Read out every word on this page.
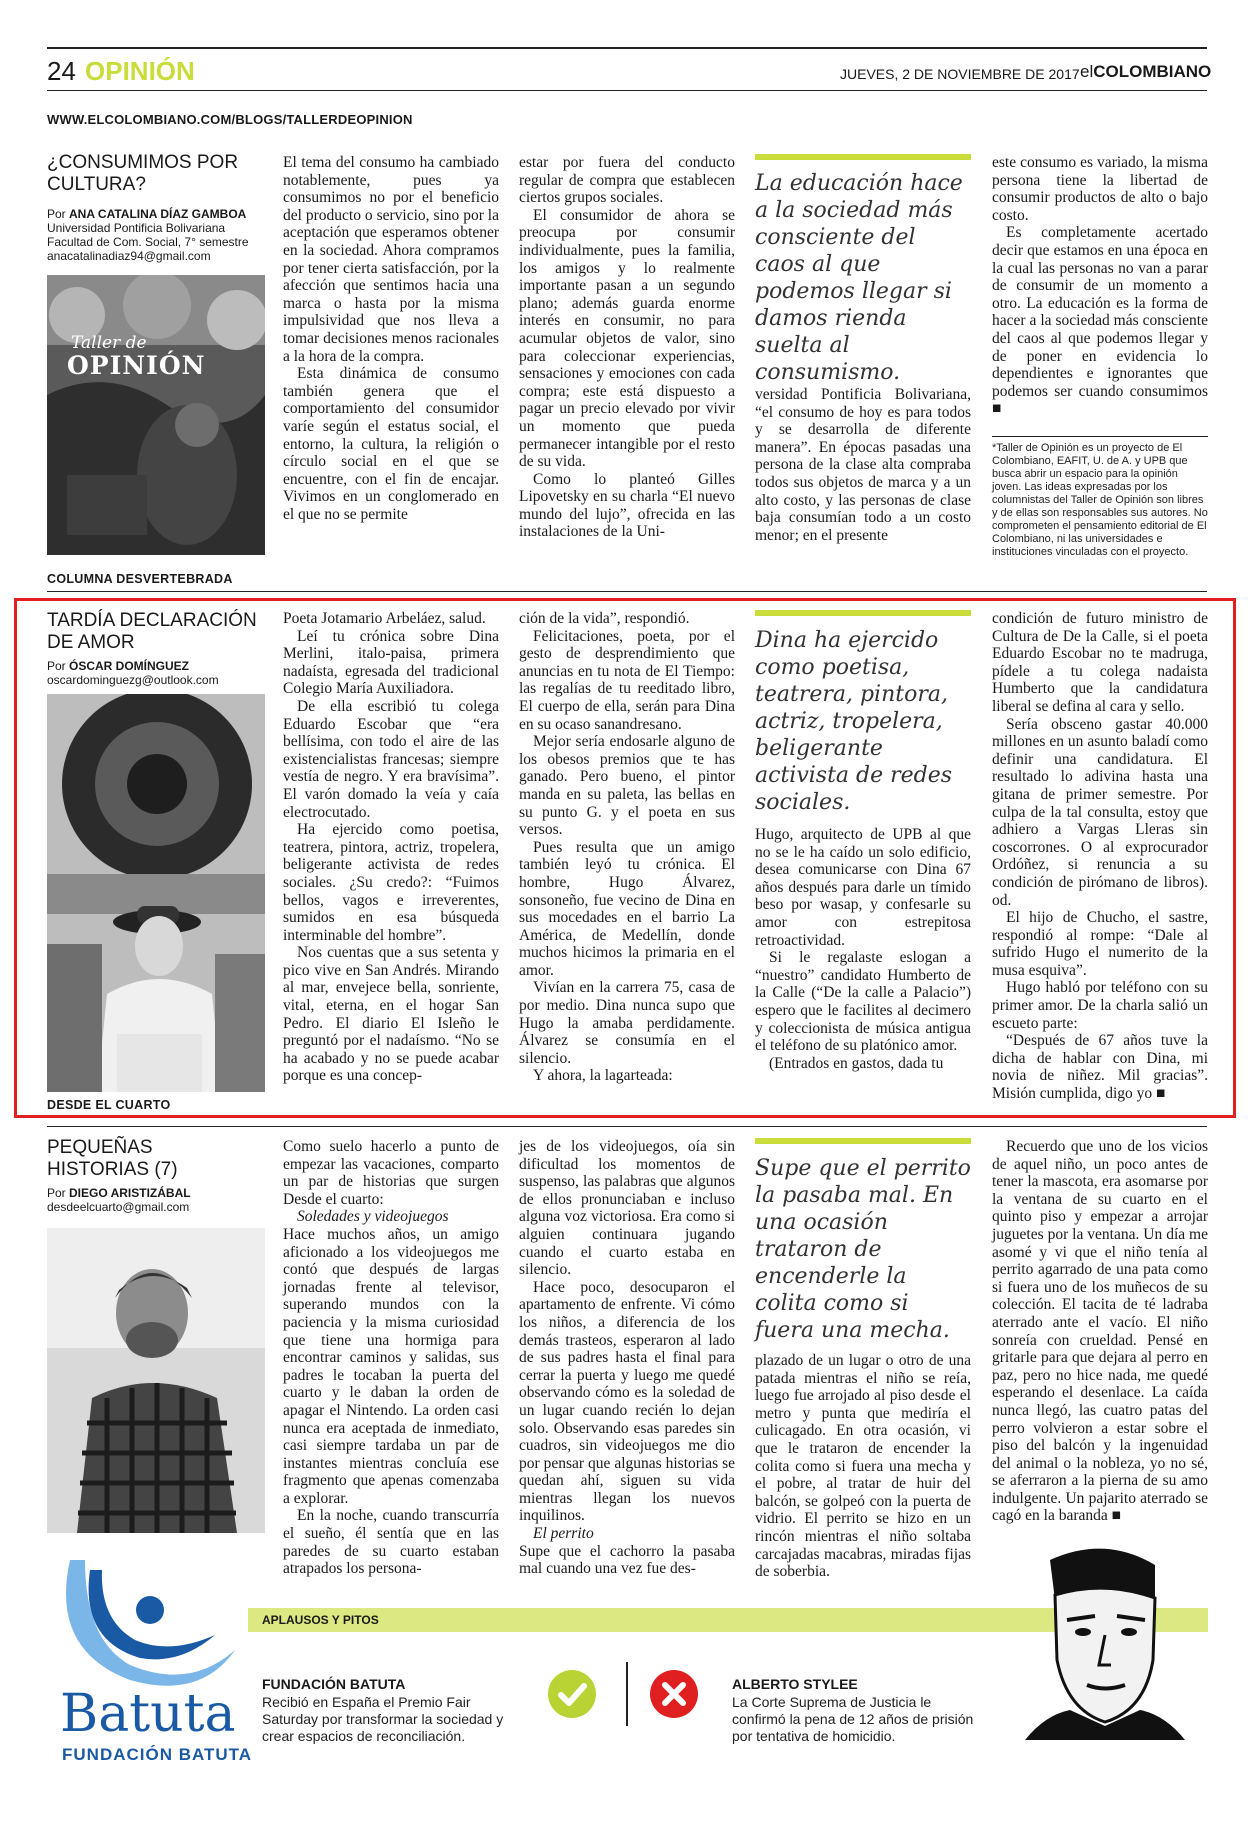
24 OPINIÓN	JUEVES, 2 DE NOVIEMBRE DE 2017 elCOLOMBIANO
WWW.ELCOLOMBIANO.COM/BLOGS/TALLERDEOPINION
¿CONSUMIMOS POR CULTURA?
Por ANA CATALINA DÍAZ GAMBOA
Universidad Pontificia Bolivariana
Facultad de Com. Social, 7° semestre
anacatalinadiaz94@gmail.com
Taller de
OPINIÓN

El tema del consumo ha cambiado notablemente, pues ya consumimos no por el beneficio del producto o servicio, sino por la aceptación que esperamos obtener en la sociedad. Ahora compramos por tener cierta satisfacción, por la afección que sentimos hacia una marca o hasta por la misma impulsividad que nos lleva a tomar decisiones menos racionales a la hora de la compra.

Esta dinámica de consumo también genera que el comportamiento del consumidor varíe según el estatus social, el entorno, la cultura, la religión o círculo social en el que se encuentre, con el fin de encajar. Vivimos en un conglomerado en el que no se permite

estar por fuera del conducto regular de compra que establecen ciertos grupos sociales.

El consumidor de ahora se preocupa por consumir individualmente, pues la familia, los amigos y lo realmente importante pasan a un segundo plano; además guarda enorme interés en consumir, no para acumular objetos de valor, sino para coleccionar experiencias, sensaciones y emociones con cada compra; este está dispuesto a pagar un precio elevado por vivir un momento que pueda permanecer intangible por el resto de su vida.

Como lo planteó Gilles Lipovetsky en su charla “El nuevo mundo del lujo”, ofrecida en las instalaciones de la Uni-

La educación hace a la sociedad más consciente del caos al que podemos llegar si damos rienda suelta al consumismo.

versidad Pontificia Bolivariana, “el consumo de hoy es para todos y se desarrolla de diferente manera”. En épocas pasadas una persona de la clase alta compraba todos sus objetos de marca y a un alto costo, y las personas de clase baja consumían todo a un costo menor; en el presente

este consumo es variado, la misma persona tiene la libertad de consumir productos de alto o bajo costo.

Es completamente acertado decir que estamos en una época en la cual las personas no van a parar de consumir de un momento a otro. La educación es la forma de hacer a la sociedad más consciente del caos al que podemos llegar y de poner en evidencia lo dependientes e ignorantes que podemos ser cuando consumimos ■

*Taller de Opinión es un proyecto de El Colombiano, EAFIT, U. de A. y UPB que busca abrir un espacio para la opinión joven. Las ideas expresadas por los columnistas del Taller de Opinión son libres y de ellas son responsables sus autores. No comprometen el pensamiento editorial de El Colombiano, ni las universidades e instituciones vinculadas con el proyecto.
COLUMNA DESVERTEBRADA
TARDÍA DECLARACIÓN DE AMOR
Por ÓSCAR DOMÍNGUEZ
oscardominguezg@outlook.com

Poeta Jotamario Arbeláez, salud.

Leí tu crónica sobre Dina Merlini, italo-paisa, primera nadaísta, egresada del tradicional Colegio María Auxiliadora.

De ella escribió tu colega Eduardo Escobar que “era bellísima, con todo el aire de las existencialistas francesas; siempre vestía de negro. Y era bravísima”. El varón domado la veía y caía electrocutado.

Ha ejercido como poetisa, teatrera, pintora, actriz, tropelera, beligerante activista de redes sociales. ¿Su credo?: “Fuimos bellos, vagos e irreverentes, sumidos en esa búsqueda interminable del hombre”.

Nos cuentas que a sus setenta y pico vive en San Andrés. Mirando al mar, envejece bella, sonriente, vital, eterna, en el hogar San Pedro. El diario El Isleño le preguntó por el nadaísmo. “No se ha acabado y no se puede acabar porque es una concep-

ción de la vida”, respondió.

Felicitaciones, poeta, por el gesto de desprendimiento que anuncias en tu nota de El Tiempo: las regalías de tu reeditado libro, El cuerpo de ella, serán para Dina en su ocaso sanandresano.

Mejor sería endosarle alguno de los obesos premios que te has ganado. Pero bueno, el pintor manda en su paleta, las bellas en su punto G. y el poeta en sus versos.

Pues resulta que un amigo también leyó tu crónica. El hombre, Hugo Álvarez, sonsoneño, fue vecino de Dina en sus mocedades en el barrio La América, de Medellín, donde muchos hicimos la primaria en el amor.

Vivían en la carrera 75, casa de por medio. Dina nunca supo que Hugo la amaba perdidamente. Álvarez se consumía en el silencio.

Y ahora, la lagarteada:

Dina ha ejercido como poetisa, teatrera, pintora, actriz, tropelera, beligerante activista de redes sociales.

Hugo, arquitecto de UPB al que no se le ha caído un solo edificio, desea comunicarse con Dina 67 años después para darle un tímido beso por wasap, y confesarle su amor con estrepitosa retroactividad.

Si le regalaste eslogan a “nuestro” candidato Humberto de la Calle (“De la calle a Palacio”) espero que le facilites al decimero y coleccionista de música antigua el teléfono de su platónico amor.

(Entrados en gastos, dada tu

condición de futuro ministro de Cultura de De la Calle, si el poeta Eduardo Escobar no te madruga, pídele a tu colega nadaista Humberto que la candidatura liberal se defina al cara y sello.

Sería obsceno gastar 40.000 millones en un asunto baladí como definir una candidatura. El resultado lo adivina hasta una gitana de primer semestre. Por culpa de la tal consulta, estoy que adhiero a Vargas Lleras sin coscorrones. O al exprocurador Ordóñez, si renuncia a su condición de pirómano de libros). od.

El hijo de Chucho, el sastre, respondió al rompe: “Dale al sufrido Hugo el numerito de la musa esquiva”.

Hugo habló por teléfono con su primer amor. De la charla salió un escueto parte:

“Después de 67 años tuve la dicha de hablar con Dina, mi novia de niñez. Mil gracias”. Misión cumplida, digo yo ■

DESDE EL CUARTO
PEQUEÑAS HISTORIAS (7)
Por DIEGO ARISTIZÁBAL
desdeelcuarto@gmail.com

Como suelo hacerlo a punto de empezar las vacaciones, comparto un par de historias que surgen Desde el cuarto:

Soledades y videojuegos

Hace muchos años, un amigo aficionado a los videojuegos me contó que después de largas jornadas frente al televisor, superando mundos con la paciencia y la misma curiosidad que tiene una hormiga para encontrar caminos y salidas, sus padres le tocaban la puerta del cuarto y le daban la orden de apagar el Nintendo. La orden casi nunca era aceptada de inmediato, casi siempre tardaba un par de instantes mientras concluía ese fragmento que apenas comenzaba a explorar.

En la noche, cuando transcurría el sueño, él sentía que en las paredes de su cuarto estaban atrapados los persona-

jes de los videojuegos, oía sin dificultad los momentos de suspenso, las palabras que algunos de ellos pronunciaban e incluso alguna voz victoriosa. Era como si alguien continuara jugando cuando el cuarto estaba en silencio.

Hace poco, desocuparon el apartamento de enfrente. Vi cómo los niños, a diferencia de los demás trasteos, esperaron al lado de sus padres hasta el final para cerrar la puerta y luego me quedé observando cómo es la soledad de un lugar cuando recién lo dejan solo. Observando esas paredes sin cuadros, sin videojuegos me dio por pensar que algunas historias se quedan ahí, siguen su vida mientras llegan los nuevos inquilinos.

El perrito

Supe que el cachorro la pasaba mal cuando una vez fue des-

Supe que el perrito la pasaba mal. En una ocasión trataron de encenderle la colita como si fuera una mecha.

plazado de un lugar o otro de una patada mientras el niño se reía, luego fue arrojado al piso desde el metro y punta que mediría el culicagado. En otra ocasión, vi que le trataron de encender la colita como si fuera una mecha y el pobre, al tratar de huir del balcón, se golpeó con la puerta de vidrio. El perrito se hizo en un rincón mientras el niño soltaba carcajadas macabras, miradas fijas de soberbia.

Recuerdo que uno de los vicios de aquel niño, un poco antes de tener la mascota, era asomarse por la ventana de su cuarto en el quinto piso y empezar a arrojar juguetes por la ventana. Un día me asomé y vi que el niño tenía al perrito agarrado de una pata como si fuera uno de los muñecos de su colección. El tacita de té ladraba aterrado ante el vacío. El niño sonreía con crueldad. Pensé en gritarle para que dejara al perro en paz, pero no hice nada, me quedé esperando el desenlace. La caída nunca llegó, las cuatro patas del perro volvieron a estar sobre el piso del balcón y la ingenuidad del animal o la nobleza, yo no sé, se aferraron a la pierna de su amo indulgente. Un pajarito aterrado se cagó en la baranda ■

Batuta
FUNDACIÓN BATUTA
APLAUSOS Y PITOS
FUNDACIÓN BATUTA
Recibió en España el Premio Fair Saturday por transformar la sociedad y crear espacios de reconciliación.
ALBERTO STYLEE
La Corte Suprema de Justicia le confirmó la pena de 12 años de prisión por tentativa de homicidio.
